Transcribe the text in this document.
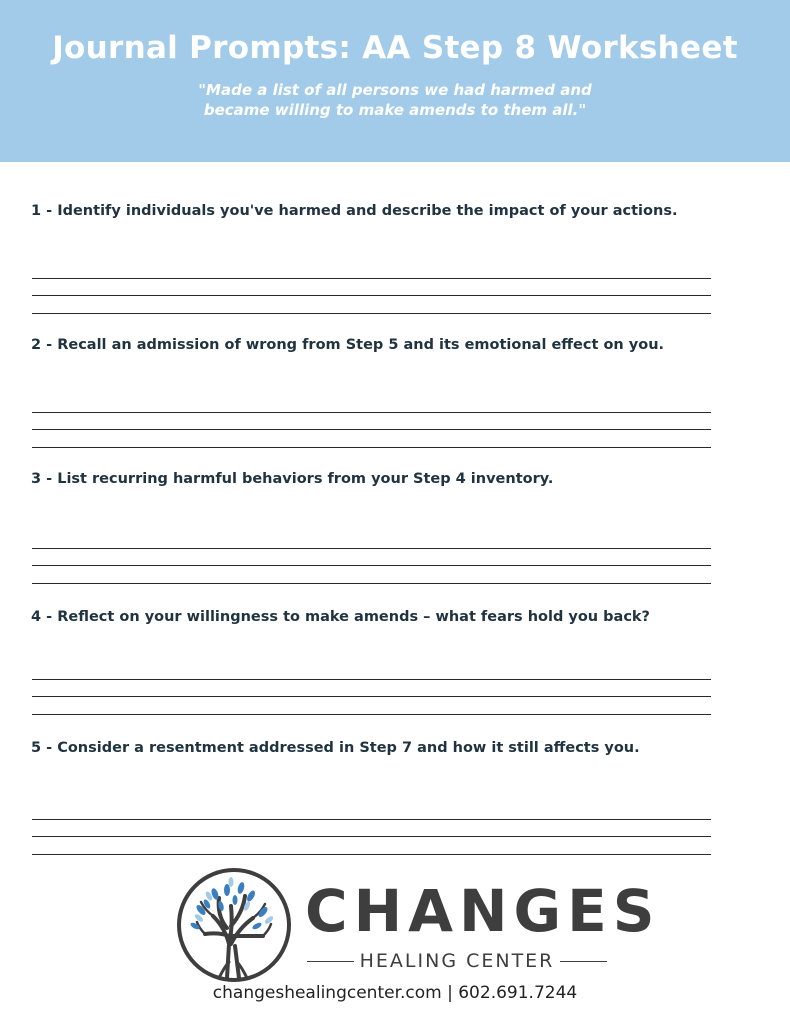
Journal Prompts: AA Step 8 Worksheet
"Made a list of all persons we had harmed and
became willing to make amends to them all."
1 - Identify individuals you've harmed and describe the impact of your actions.
2 - Recall an admission of wrong from Step 5 and its emotional effect on you.
3 - List recurring harmful behaviors from your Step 4 inventory.
4 - Reflect on your willingness to make amends – what fears hold you back?
5 - Consider a resentment addressed in Step 7 and how it still affects you.
CHANGES
HEALING CENTER
changeshealingcenter.com | 602.691.7244
